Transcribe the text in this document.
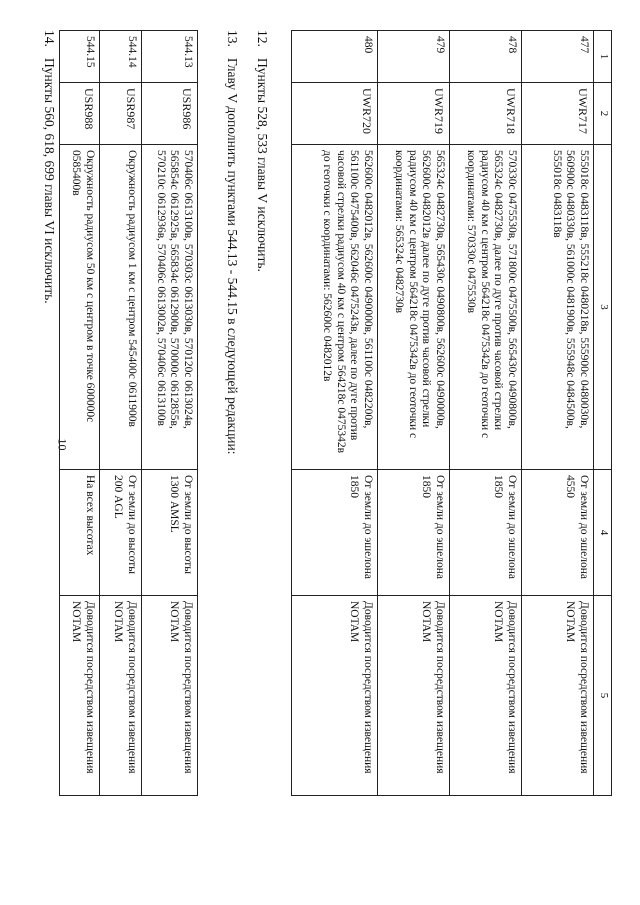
10
1	2	3	4	5
477	UWR717	555018с 0483118в, 555218с 0480218в, 555900с 0480030в, 560900с 0480330в, 561000с 0481900в, 555948с 0484500в, 555018с 0483118в	От земли до эшелона 4550	Доводится посредством извещения NOTAM
478	UWR718	570330с 0475530в, 571800с 0475500в, 565430с 0490800в, 565324с 0482730в, далее по дуге против часовой стрелки радиусом 40 км с центром 564218с 0475342в до геоточки с координатами: 570330с 0475530в	От земли до эшелона 1850	Доводится посредством извещения NOTAM
479	UWR719	565324с 0482730в, 565430с 0490800в, 562600с 0490000в, 562600с 0482012в далее по дуге против часовой стрелки радиусом 40 км с центром 564218с 0475342в до геоточки с координатами: 565324с 0482730в	От земли до эшелона 1850	Доводится посредством извещения NOTAM
480	UWR720	562600с 0482012в, 562600с 0490000в, 561100с 0482200в, 561100с 0475400в, 562046с 0475243в, далее по дуге против часовой стрелки радиусом 40 км с центром 564218с 0475342в до геоточки с координатами: 562600с 0482012в	От земли до эшелона 1850	Доводится посредством извещения NOTAM
12.Пункты 528, 533 главы V исключить.
13.Главу V дополнить пунктами 544.13 - 544.15 в следующей редакции:
544.13	USR986	570406с 0613100в, 570303с 0613030в, 570120с 0613024в, 565854с 0612925в, 565834с 0612900в, 570000с 0612855в, 570210с 0612936в, 570406с 0613002в, 570406с 0613100в	От земли до высоты 1300 AMSL	Доводится посредством извещения NOTAM
544.14	USR987	Окружность радиусом 1 км с центром 545400с 0611900в	От земли до высоты 200 AGL	Доводится посредством извещения NOTAM
544.15	USR988	Окружность радиусом 50 км с центром в точке 600000с 0585400в	На всех высотах	Доводится посредством извещения NOTAM
14.Пункты 560, 618, 699 главы VI исключить.
